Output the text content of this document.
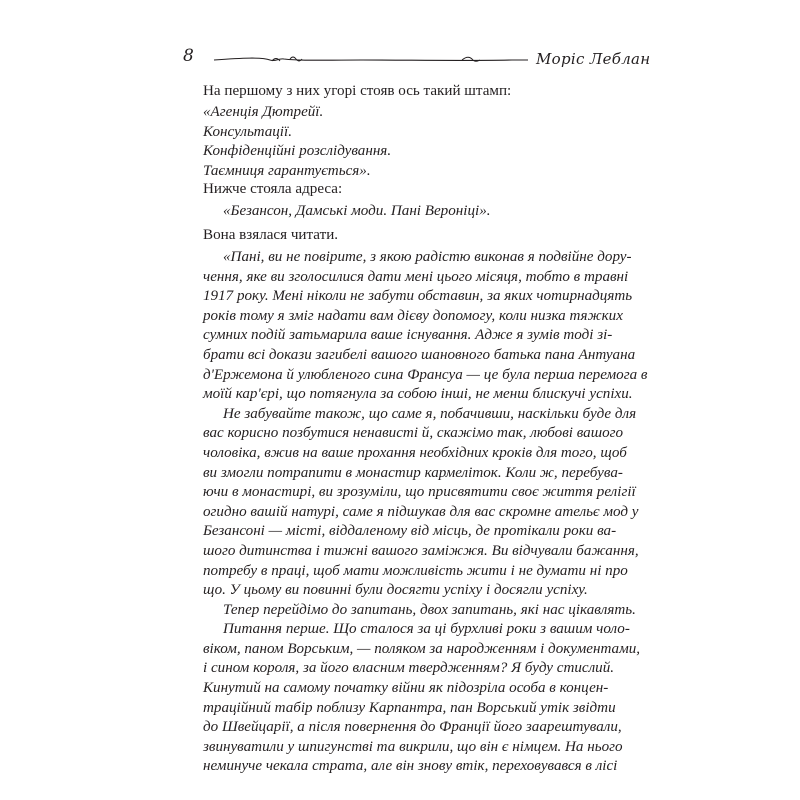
8	Моріс Леблан
На першому з них угорі стояв ось такий штамп:
«Агенція Дютрейї.
Консультації.
Конфіденційні розслідування.
Таємниця гарантується».
Нижче стояла адреса:
«Безансон, Дамські моди. Пані Вероніці».
Вона взялася читати.
«Пані, ви не повірите, з якою радістю виконав я подвійне дору-
чення, яке ви зголосилися дати мені цього місяця, тобто в травні
1917 року. Мені ніколи не забути обставин, за яких чотирнадцять
років тому я зміг надати вам дієву допомогу, коли низка тяжких
сумних подій затьмарила ваше існування. Адже я зумів тоді зі-
брати всі докази загибелі вашого шановного батька пана Антуана
д'Ержемона й улюбленого сина Франсуа — це була перша перемога в
моїй кар'єрі, що потягнула за собою інші, не менш блискучі успіхи.
Не забувайте також, що саме я, побачивши, наскільки буде для
вас корисно позбутися ненависті й, скажімо так, любові вашого
чоловіка, вжив на ваше прохання необхідних кроків для того, щоб
ви змогли потрапити в монастир кармеліток. Коли ж, перебува-
ючи в монастирі, ви зрозуміли, що присвятити своє життя релігії
огидно вашій натурі, саме я підшукав для вас скромне ательє мод у
Безансоні — місті, віддаленому від місць, де протікали роки ва-
шого дитинства і тижні вашого заміжжя. Ви відчували бажання,
потребу в праці, щоб мати можливість жити і не думати ні про
що. У цьому ви повинні були досягти успіху і досягли успіху.
Тепер перейдімо до запитань, двох запитань, які нас цікавлять.
Питання перше. Що сталося за ці бурхливі роки з вашим чоло-
віком, паном Ворським, — поляком за народженням і документами,
і сином короля, за його власним твердженням? Я буду стислий.
Кинутий на самому початку війни як підозріла особа в концен-
траційний табір поблизу Карпантра, пан Ворський утік звідти
до Швейцарії, а після повернення до Франції його заарештували,
звинуватили у шпигунстві та викрили, що він є німцем. На нього
неминуче чекала страта, але він знову втік, переховувався в лісі
